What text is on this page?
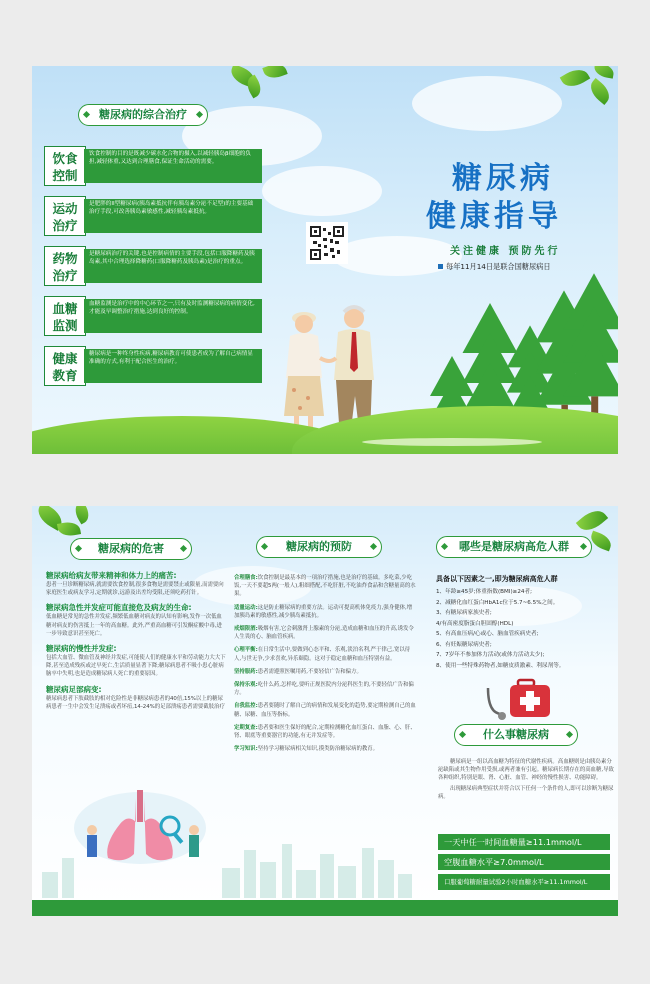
糖尿病的综合治疗
饮食
控制
饮食控制的目的是既减少碳水化合物的摄入,以减轻胰岛β细胞的负担,减轻体重,又达到合理膳食,保证生命活动的需要。
运动
治疗
是肥胖的II型糖尿病(胰岛素抵抗伴有胰岛素分泌不足型)的主要基础治疗手段,可改善胰岛素敏感性,减轻胰岛素抵抗。
药物
治疗
是糖尿病治疗的关键,也是控制病情的主要手段,包括口服降糖药及胰岛素,其中合理选择降糖药(口服降糖药及胰岛素)是治疗的重点。
血糖
监测
血糖监测是治疗中的中心环节之一,只有及时监测糖尿病的病情变化,才能及早调整治疗措施,达到良好的控制。
健康
教育
糖尿病是一种终身性疾病,糖尿病教育可使患者成为了解自己病情显准确的方式,有利于配合医生的治疗。
糖尿病
健康指导
关注健康 预防先行
每年11月14日是联合国糖尿病日
糖尿病的危害
糖尿病给病友带来精神和体力上的痛苦:
患者一旦诊断糖尿病,就需要饮食控制,很多食物是需要禁止或限量,而需要向家庭医生或病友学习,定期就诊,远游及出差均受限,还须吃药打针。
糖尿病急性并发症可能直接危及病友的生命:
低血糖是常见的急性并发症,频繁低血糖对病友的认知有影响,发作一次低血糖对病友的伤害抵上一年的高血糖。此外,严重高血糖可引发酮症酸中毒,进一步导致意识甚至死亡。
糖尿病的慢性并发症:
包括大血管、微血管及神经并发症,可能使人们的健康水平和劳动能力大大下降,甚至造成残疾或过早死亡,生活质量显著下降;糖尿病患者不吸小患心脏病脑卒中失明,也是造成糖尿病人死亡的重要原因。
糖尿病足部病变:
糖尿病患者下肢截肢的相对危险性是非糖尿病患者的40倍,15%以上的糖尿病患者一生中会发生足溃疡或者坏疽,14-24%的足部溃疡患者需要截肢治疗
糖尿病的预防
合理膳食:饮食控制是最基本的一项治疗措施,也是治疗的基础。多吃菜,少吃饭,一天不要超5两(一般人),粗细搭配,不吃肝脏,不吃油炸食品和含糖量高的水果。
适量运动:这是防止糖尿病的重要方法。运动可提高机体免疫力,强身健体,增加胰岛素的敏感性,减少胰岛素抵抗。
戒烟限酒:吸烟有害,它会刺激肾上腺素的分泌,造成血糖和血压的升高,诱发令人生畏的心、脑血管疾病。
心理平衡:在日常生活中,要做到心态平和、乐观,淡泊名利,严于律己,宽以待人,与世无争,少求喜欢,异乐颐隐。这对于稳定血糖和血压特别有益。
坚持服药:患者需遵照医嘱用药,不要轻信广告和偏方。
保持乐观:吃什么药,怎样吃,要听正规医院内分泌科医生的,不要轻信广告和偏方。
自我监控:患者要随时了解自己的病情和发展变化的趋势,要定期检测自己的血糖、尿糖、血压等指标。
定期复查:患者要和医生保好的配合,定期检测糖化血红蛋白、血脂、心、肝、肾、眼底等重要器官的功能,有无并发症等。
学习知识:坚持学习糖尿病相关知识,摸类防治糖尿病的教育。
哪些是糖尿病高危人群
具备以下因素之一,即为糖尿病高危人群
1、年龄≥45岁;体重指数(BMI)≥24者;
2、减糖化血红蛋白HbA1c位于5.7~6.5%之间。
3、有糖尿病家族史者;
4/有高密度脂蛋白胆固醇(HDL)
5、有高血压病/心或心、脑血管疾病史者;
6、有妊娠糖尿病史者;
7、7岁年不参加体力活动(或体力活动太少);
8、使用一些特殊药物者,如糖皮质激素、利尿剂等。
什么事糖尿病
糖尿病是一组以高血糖为特征的代谢性疾病。高血糖则是由胰岛素分泌缺陷或其生物作用受损,或两者兼有引起。糖尿病长期存在的高血糖,导致各种组织,特别是眼、肾、心脏、血管、神经的慢性损害、功能障碍。
出现糖尿病典型症状并符合以下任何一个条件的人,即可以诊断为糖尿病。
一天中任一时间血糖量≥11.1mmol/L
空腹血糖水平≥7.0mmol/L
口服葡萄糖耐量试验2小时血糖水平≥11.1mmol/L
